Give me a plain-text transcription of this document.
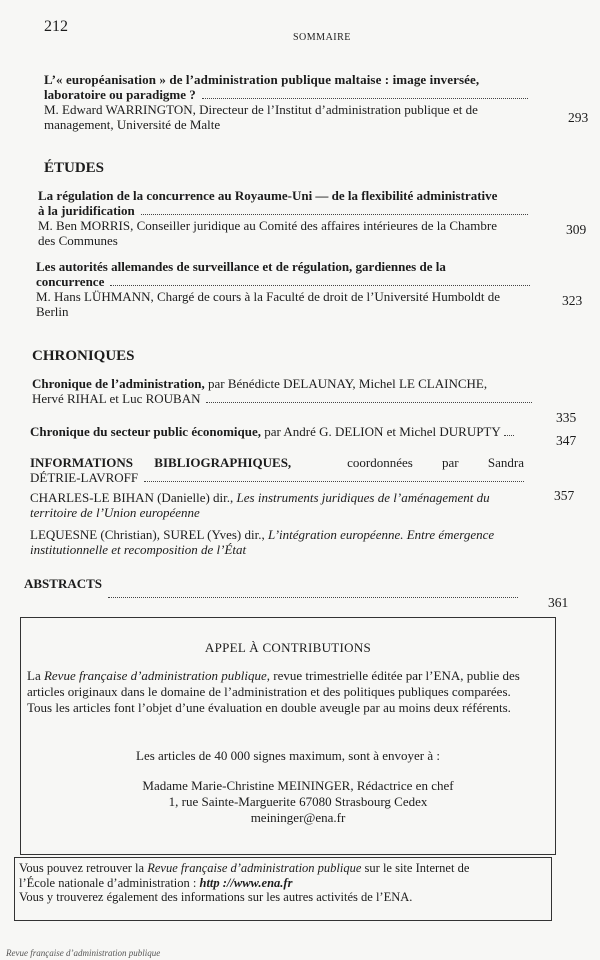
212
SOMMAIRE
L’« européanisation » de l’administration publique maltaise : image inversée,
laboratoire ou paradigme ?
M. Edward WARRINGTON, Directeur de l’Institut d’administration publique et de
management, Université de Malte	293
ÉTUDES
La régulation de la concurrence au Royaume-Uni — de la flexibilité administrative
à la juridification
M. Ben MORRIS, Conseiller juridique au Comité des affaires intérieures de la Chambre
des Communes
309
Les autorités allemandes de surveillance et de régulation, gardiennes de la
concurrence
M. Hans LÜHMANN, Chargé de cours à la Faculté de droit de l’Université Humboldt de
Berlin
323
CHRONIQUES
Chronique de l’administration, par Bénédicte DELAUNAY, Michel LE CLAINCHE,
Hervé RIHAL et Luc ROUBAN
335
Chronique du secteur public économique, par André G. DELION et Michel DURUPTY
347
INFORMATIONS BIBLIOGRAPHIQUES,	coordonnées par Sandra
DÉTRIE-LAVROFF
CHARLES-LE BIHAN (Danielle) dir., Les instruments juridiques de l’aménagement du
territoire de l’Union européenne
LEQUESNE (Christian), SUREL (Yves) dir., L’intégration européenne. Entre émergence
institutionnelle et recomposition de l’État
357
ABSTRACTS
361
APPEL À CONTRIBUTIONS
La Revue française d’administration publique, revue trimestrielle éditée par l’ENA, publie des
articles originaux dans le domaine de l’administration et des politiques publiques comparées.
Tous les articles font l’objet d’une évaluation en double aveugle par au moins deux référents.
Les articles de 40 000 signes maximum, sont à envoyer à :
Madame Marie-Christine MEININGER, Rédactrice en chef
1, rue Sainte-Marguerite 67080 Strasbourg Cedex
meininger@ena.fr
Vous pouvez retrouver la Revue française d’administration publique sur le site Internet de
l’École nationale d’administration : http ://www.ena.fr
Vous y trouverez également des informations sur les autres activités de l’ENA.
Revue française d’administration publique
